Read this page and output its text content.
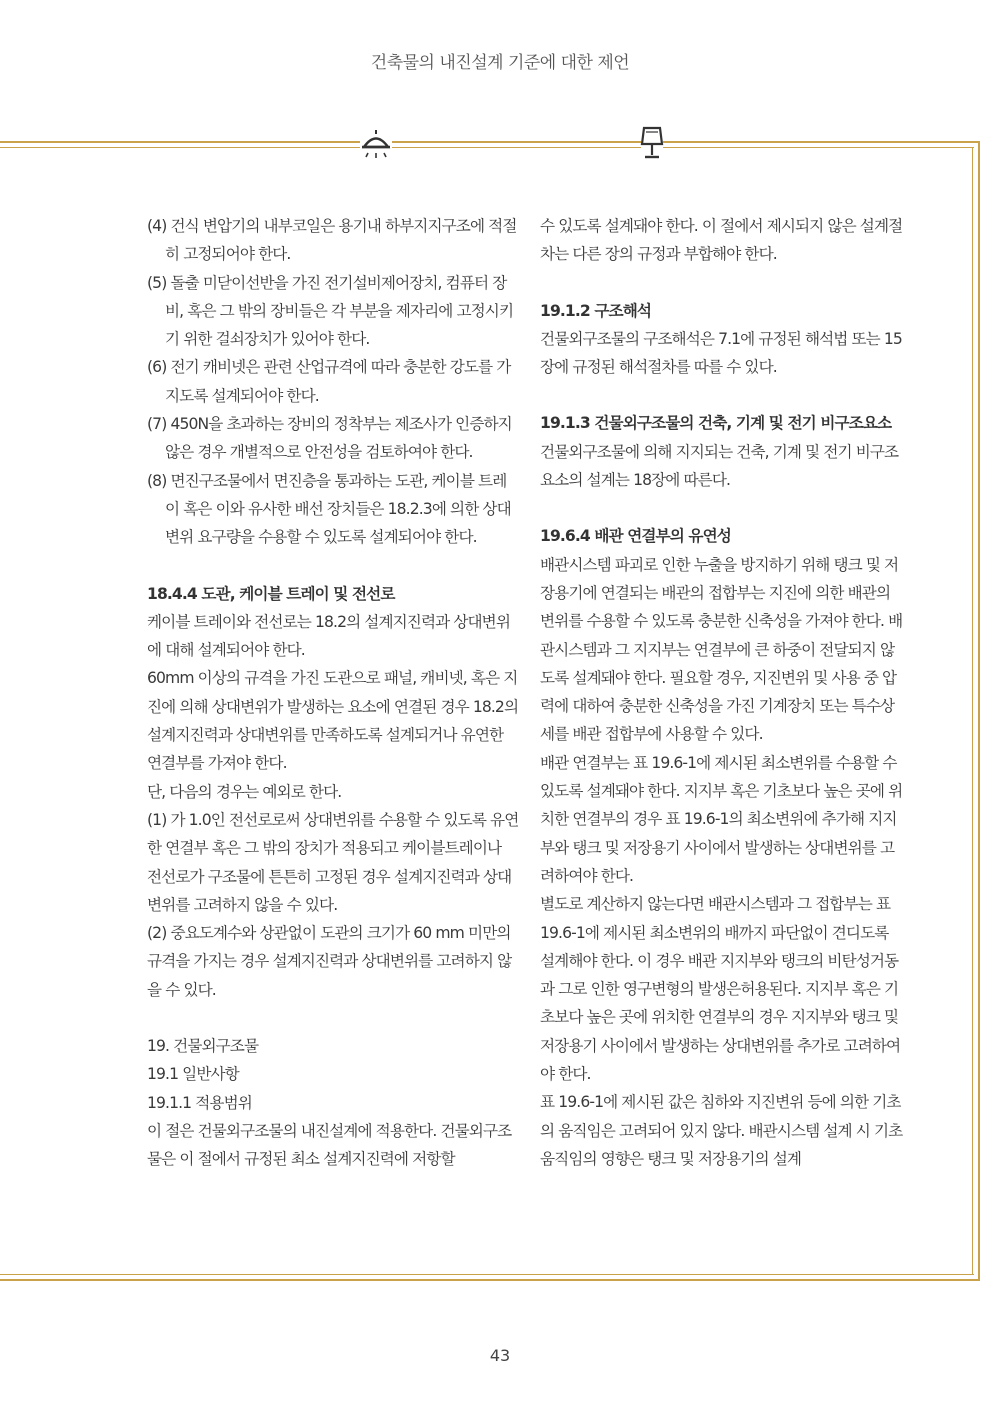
건축물의 내진설계 기준에 대한 제언

(4) 건식 변압기의 내부코일은 용기내 하부지지구조에 적절히 고정되어야 한다.

(5) 돌출 미닫이선반을 가진 전기설비제어장치, 컴퓨터 장비, 혹은 그 밖의 장비들은 각 부분을 제자리에 고정시키기 위한 걸쇠장치가 있어야 한다.

(6) 전기 캐비넷은 관련 산업규격에 따라 충분한 강도를 가지도록 설계되어야 한다.

(7) 450N을 초과하는 장비의 정착부는 제조사가 인증하지 않은 경우 개별적으로 안전성을 검토하여야 한다.

(8) 면진구조물에서 면진층을 통과하는 도관, 케이블 트레이 혹은 이와 유사한 배선 장치들은 18.2.3에 의한 상대변위 요구량을 수용할 수 있도록 설계되어야 한다.

18.4.4 도관, 케이블 트레이 및 전선로

케이블 트레이와 전선로는 18.2의 설계지진력과 상대변위에 대해 설계되어야 한다.

60mm 이상의 규격을 가진 도관으로 패널, 캐비넷, 혹은 지진에 의해 상대변위가 발생하는 요소에 연결된 경우 18.2의 설계지진력과 상대변위를 만족하도록 설계되거나 유연한 연결부를 가져야 한다.

단, 다음의 경우는 예외로 한다.

(1) 가 1.0인 전선로로써 상대변위를 수용할 수 있도록 유연한 연결부 혹은 그 밖의 장치가 적용되고 케이블트레이나 전선로가 구조물에 튼튼히 고정된 경우 설계지진력과 상대변위를 고려하지 않을 수 있다.

(2) 중요도계수와 상관없이 도관의 크기가 60 mm 미만의 규격을 가지는 경우 설계지진력과 상대변위를 고려하지 않을 수 있다.

19. 건물외구조물

19.1 일반사항

19.1.1 적용범위

이 절은 건물외구조물의 내진설계에 적용한다. 건물외구조물은 이 절에서 규정된 최소 설계지진력에 저항할

수 있도록 설계돼야 한다. 이 절에서 제시되지 않은 설계절차는 다른 장의 규정과 부합해야 한다.

19.1.2 구조해석

건물외구조물의 구조해석은 7.1에 규정된 해석법 또는 15장에 규정된 해석절차를 따를 수 있다.

19.1.3 건물외구조물의 건축, 기계 및 전기 비구조요소

건물외구조물에 의해 지지되는 건축, 기계 및 전기 비구조요소의 설계는 18장에 따른다.

19.6.4 배관 연결부의 유연성

배관시스템 파괴로 인한 누출을 방지하기 위해 탱크 및 저장용기에 연결되는 배관의 접합부는 지진에 의한 배관의 변위를 수용할 수 있도록 충분한 신축성을 가져야 한다. 배관시스템과 그 지지부는 연결부에 큰 하중이 전달되지 않도록 설계돼야 한다. 필요할 경우, 지진변위 및 사용 중 압력에 대하여 충분한 신축성을 가진 기계장치 또는 특수상세를 배관 접합부에 사용할 수 있다.

배관 연결부는 표 19.6-1에 제시된 최소변위를 수용할 수 있도록 설계돼야 한다. 지지부 혹은 기초보다 높은 곳에 위치한 연결부의 경우 표 19.6-1의 최소변위에 추가해 지지부와 탱크 및 저장용기 사이에서 발생하는 상대변위를 고려하여야 한다.

별도로 계산하지 않는다면 배관시스템과 그 접합부는 표 19.6-1에 제시된 최소변위의 배까지 파단없이 견디도록 설계해야 한다. 이 경우 배관 지지부와 탱크의 비탄성거동과 그로 인한 영구변형의 발생은허용된다. 지지부 혹은 기초보다 높은 곳에 위치한 연결부의 경우 지지부와 탱크 및 저장용기 사이에서 발생하는 상대변위를 추가로 고려하여야 한다.

표 19.6-1에 제시된 값은 침하와 지진변위 등에 의한 기초의 움직임은 고려되어 있지 않다. 배관시스템 설계 시 기초 움직임의 영향은 탱크 및 저장용기의 설계

43
